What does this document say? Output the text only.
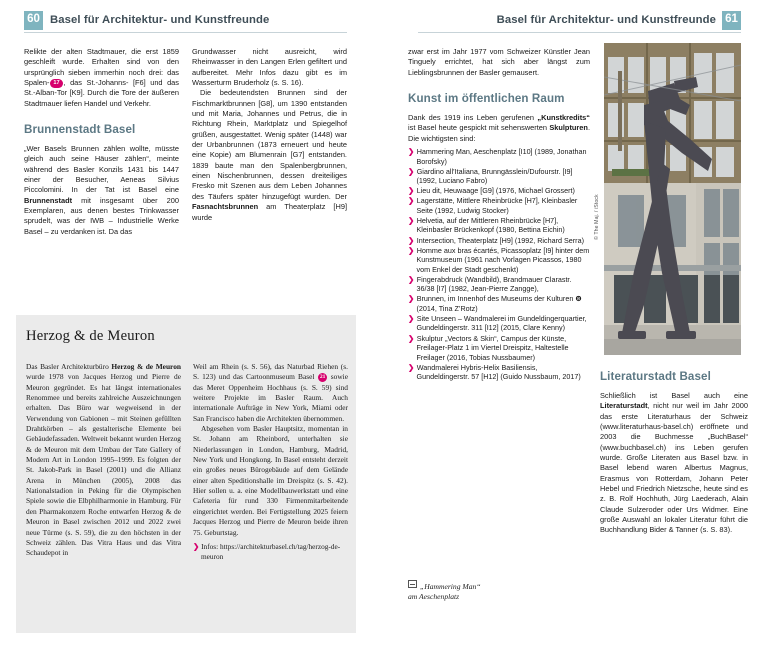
60 Basel für Architektur- und Kunstfreunde	Basel für Architektur- und Kunstfreunde 61

Relikte der alten Stadtmauer, die erst 1859 geschleift wurde. Erhalten sind von den ursprünglich sieben immerhin noch drei: das Spalen- 17 , das St.-Johanns- [F6] und das St.-Alban-Tor [K9]. Durch die Tore der äußeren Stadtmauer liefen Handel und Verkehr.

Brunnenstadt Basel

„Wer Basels Brunnen zählen wollte, müsste gleich auch seine Häuser zählen“, meinte während des Basler Konzils 1431 bis 1447 einer der Besucher, Aeneas Silvius Piccolomini. In der Tat ist Basel eine Brunnenstadt mit insgesamt über 200 Exemplaren, aus denen bestes Trinkwasser sprudelt, was der IWB – Industrielle Werke Basel – zu verdanken ist. Da das

Grundwasser nicht ausreicht, wird Rheinwasser in den Langen Erlen gefiltert und aufbereitet. Mehr Infos dazu gibt es im Wasserturm Bruderholz (s. S. 16).

Die bedeutendsten Brunnen sind der Fischmarktbrunnen [G8], um 1390 entstanden und mit Maria, Johannes und Petrus, die in Richtung Rhein, Marktplatz und Spiegelhof grüßen, ausgestattet. Wenig später (1448) war der Urbanbrunnen (1873 erneuert und heute eine Kopie) am Blumenrain [G7] entstanden. 1839 baute man den Spalenbergbrunnen, einen Nischenbrunnen, dessen dreiteiliges Fresko mit Szenen aus dem Leben Johannes des Täufers später hinzugefügt wurden. Der Fasnachtsbrunnen am Theaterplatz [H9] wurde

Herzog & de Meuron

Das Basler Architekturbüro Herzog & de Meuron wurde 1978 von Jacques Herzog und Pierre de Meuron gegründet. Es hat längst internationales Renommee und bereits zahlreiche Auszeichnungen erhalten. Das Büro war wegweisend in der Verwendung von Gabionen – mit Steinen gefüllten Drahtkörben – als gestalterische Elemente bei Gebäudefassaden. Weltweit bekannt wurden Herzog & de Meuron mit dem Umbau der Tate Gallery of Modern Art in London 1995–1999. Es folgten der St. Jakob-Park in Basel (2001) und die Allianz Arena in München (2005), 2008 das Nationalstadion in Peking für die Olympischen Spiele sowie die Elbphilharmonie in Hamburg. Für den Pharmakonzern Roche entwarfen Herzog & de Meuron in Basel zwischen 2012 und 2022 zwei neue Türme (s. S. 59), die zu den höchsten in der Schweiz zählen. Das Vitra Haus und das Vitra Schaudepot in

Weil am Rhein (s. S. 56), das Naturbad Riehen (s. S. 123) und das Cartoonmuseum Basel 21 sowie das Meret Oppenheim Hochhaus (s. S. 59) sind weitere Projekte im Basler Raum. Auch internationale Aufträge in New York, Miami oder San Francisco haben die Architekten übernommen.

Abgesehen vom Basler Hauptsitz, momentan in St. Johann am Rheinbord, unterhalten sie Niederlassungen in London, Hamburg, Madrid, New York und Hongkong. In Basel entsteht derzeit ein großes neues Bürogebäude auf dem Gelände einer alten Speditionshalle im Dreispitz (s. S. 42). Hier sollen u. a. eine Modellbauwerkstatt und eine Cafeteria für rund 330 Firmenmitarbeitende eingerichtet werden. Bei Fertigstellung 2025 feiern Jacques Herzog und Pierre de Meuron beide ihren 75. Geburtstag.

❯ Infos: https://architekturbasel.ch/tag/herzog-de-meuron

zwar erst im Jahr 1977 vom Schweizer Künstler Jean Tinguely errichtet, hat sich aber längst zum Lieblingsbrunnen der Basler gemausert.

Kunst im öffentlichen Raum

Dank des 1919 ins Leben gerufenen „Kunstkredits“ ist Basel heute gespickt mit sehenswerten Skulpturen. Die wichtigsten sind:

❯ Hammering Man, Aeschenplatz [I10] (1989, Jonathan Borofsky)
❯ Giardino all’Italiana, Brunngässlein/Dufourstr. [I9] (1992, Luciano Fabro)
❯ Lieu dit, Heuwaage [G9] (1976, Michael Grossert)
❯ Lagerstätte, Mittlere Rheinbrücke [H7], Kleinbasler Seite (1992, Ludwig Stocker)
❯ Helvetia, auf der Mittleren Rheinbrücke [H7], Kleinbasler Brückenkopf (1980, Bettina Eichin)
❯ Intersection, Theaterplatz [H9] (1992, Richard Serra)
❯ Homme aux bras écartés, Picassoplatz [I9] hinter dem Kunstmuseum (1961 nach Vorlagen Picassos, 1980 vom Enkel der Stadt geschenkt)
❯ Fingerabdruck (Wandbild), Brandmauer Clarastr. 36/38 [I7] (1982, Jean-Pierre Zangge),
❯ Brunnen, im Innenhof des Museums der Kulturen ❽ (2014, Tina Z’Rotz)
❯ Site Unseen – Wandmalerei im Gundeldingerquartier, Gundeldingerstr. 311 [I12] (2015, Clare Kenny)
❯ Skulptur „Vectors & Skin“, Campus der Künste, Freilager-Platz 1 im Viertel Dreispitz, Haltestelle Freilager (2016, Tobias Nussbaumer)
❯ Wandmalerei Hybris-Helix Basiliensis, Gundeldingerstr. 57 [H12] (Guido Nussbaum, 2017)
© The Maj. / iStock
„Hammering Man“
am Aeschenplatz
Literaturstadt Basel

Schließlich ist Basel auch eine Literaturstadt, nicht nur weil im Jahr 2000 das erste Literaturhaus der Schweiz (www.literaturhaus-basel.ch) eröffnete und 2003 die Buchmesse „BuchBasel“ (www.buchbasel.ch) ins Leben gerufen wurde. Große Literaten aus Basel bzw. in Basel lebend waren Albertus Magnus, Erasmus von Rotterdam, Johann Peter Hebel und Friedrich Nietzsche, heute sind es z. B. Rolf Hochhuth, Jürg Laederach, Alain Claude Sulzeroder oder Urs Widmer. Eine große Auswahl an lokaler Literatur führt die Buchhandlung Bider & Tanner (s. S. 83).
